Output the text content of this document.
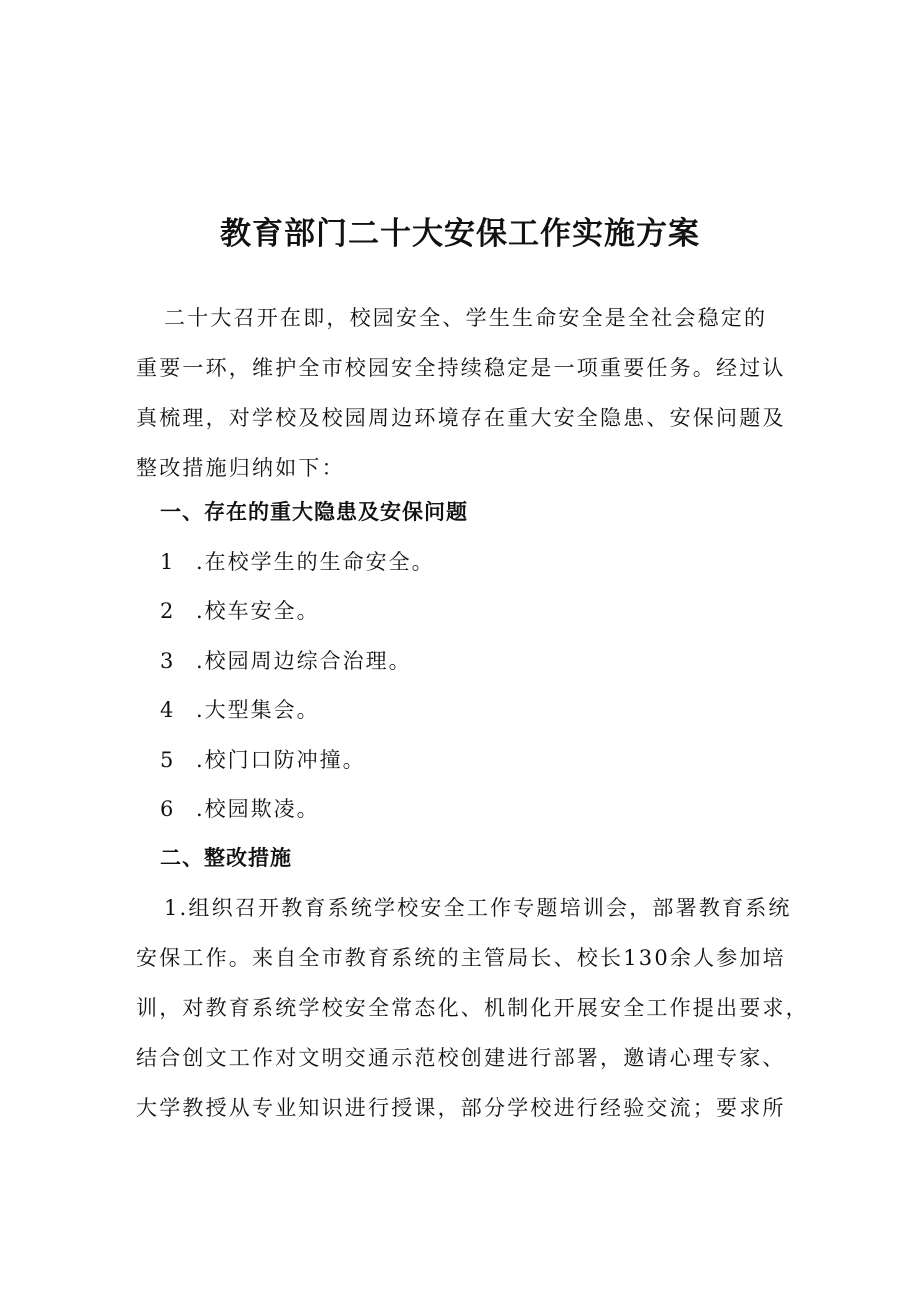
教育部门二十大安保工作实施方案
二十大召开在即，校园安全、学生生命安全是全社会稳定的
重要一环，维护全市校园安全持续稳定是一项重要任务。经过认
真梳理，对学校及校园周边环境存在重大安全隐患、安保问题及
整改措施归纳如下：
一、存在的重大隐患及安保问题
1 .在校学生的生命安全。
2 .校车安全。
3 .校园周边综合治理。
4 .大型集会。
5 .校门口防冲撞。
6 .校园欺凌。
二、整改措施
1.组织召开教育系统学校安全工作专题培训会，部署教育系统
安保工作。来自全市教育系统的主管局长、校长130余人参加培
训，对教育系统学校安全常态化、机制化开展安全工作提出要求，
结合创文工作对文明交通示范校创建进行部署，邀请心理专家、
大学教授从专业知识进行授课，部分学校进行经验交流；要求所
